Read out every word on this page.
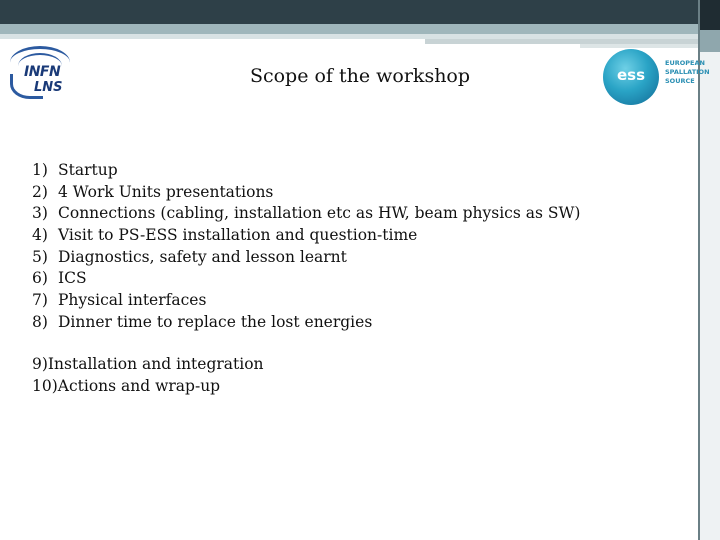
INFN
LNS
Scope of the workshop	ess
EUROPEAN
SPALLATION
SOURCE
1) Startup
2) 4 Work Units presentations
3) Connections (cabling, installation etc as HW, beam physics as SW)
4) Visit to PS-ESS installation and question-time
5) Diagnostics, safety and lesson learnt
6) ICS
7) Physical interfaces
8) Dinner time to replace the lost energies
9)Installation and integration
10)Actions and wrap-up
